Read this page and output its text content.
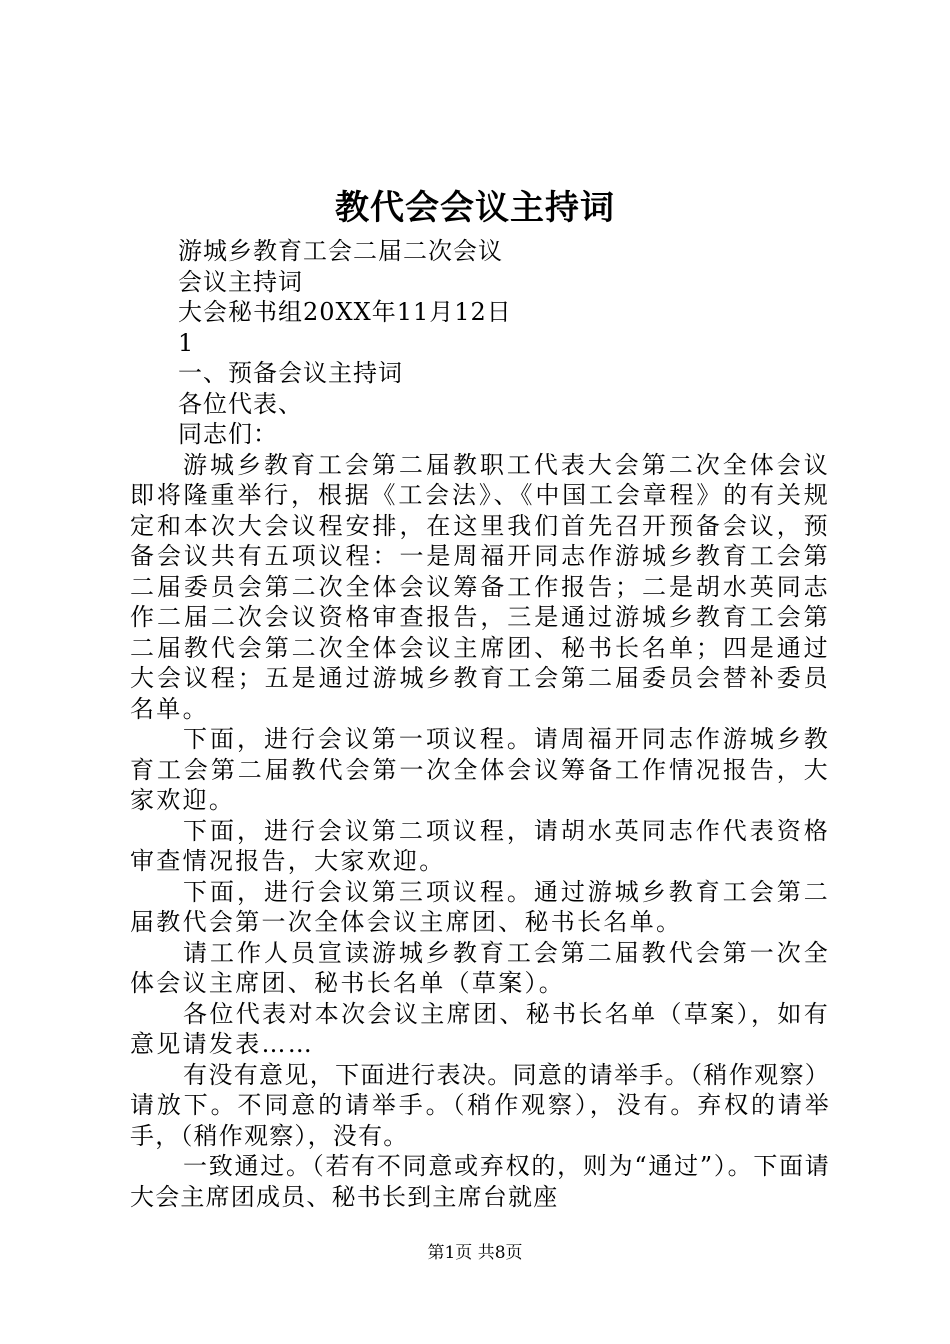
教代会会议主持词

游城乡教育工会二届二次会议

会议主持词

大会秘书组20XX年11月12日

1

一、预备会议主持词

各位代表、

同志们：

游城乡教育工会第二届教职工代表大会第二次全体会议即将隆重举行，根据《工会法》、《中国工会章程》的有关规定和本次大会议程安排，在这里我们首先召开预备会议，预备会议共有五项议程：一是周福开同志作游城乡教育工会第二届委员会第二次全体会议筹备工作报告；二是胡水英同志作二届二次会议资格审查报告，三是通过游城乡教育工会第二届教代会第二次全体会议主席团、秘书长名单；四是通过大会议程；五是通过游城乡教育工会第二届委员会替补委员名单。

下面，进行会议第一项议程。请周福开同志作游城乡教育工会第二届教代会第一次全体会议筹备工作情况报告，大家欢迎。

下面，进行会议第二项议程，请胡水英同志作代表资格审查情况报告，大家欢迎。

下面，进行会议第三项议程。通过游城乡教育工会第二届教代会第一次全体会议主席团、秘书长名单。

请工作人员宣读游城乡教育工会第二届教代会第一次全体会议主席团、秘书长名单（草案）。

各位代表对本次会议主席团、秘书长名单（草案），如有意见请发表……

有没有意见，下面进行表决。同意的请举手。（稍作观察）请放下。不同意的请举手。（稍作观察），没有。弃权的请举手，（稍作观察），没有。

一致通过。（若有不同意或弃权的，则为“通过”）。下面请大会主席团成员、秘书长到主席台就座

第1页 共8页
